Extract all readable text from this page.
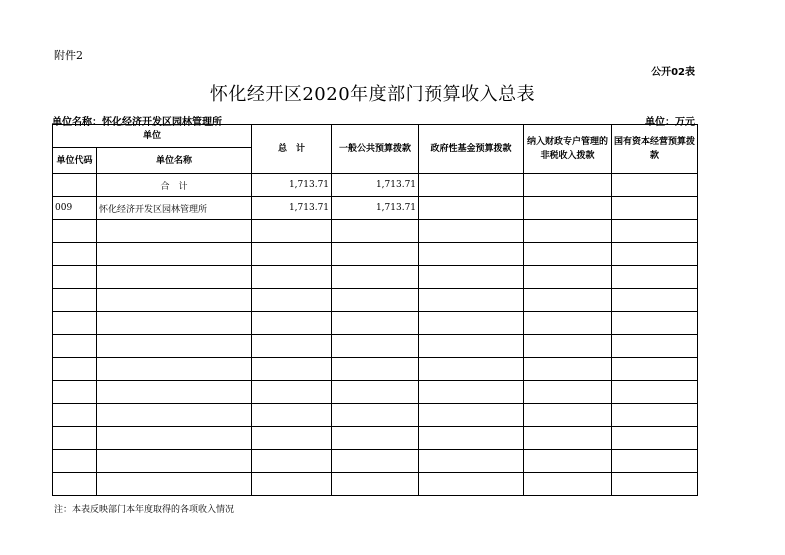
附件2
公开02表
怀化经开区2020年度部门预算收入总表
单位名称：怀化经济开发区园林管理所	单位：万元
单位		总　计	一般公共预算拨款	政府性基金预算拨款	纳入财政专户管理的非税收入拨款	国有资本经营预算拨款
单位代码	单位名称					
	合　计	1,713.71	1,713.71			
009	怀化经济开发区园林管理所	1,713.71	1,713.71			

注：本表反映部门本年度取得的各项收入情况
